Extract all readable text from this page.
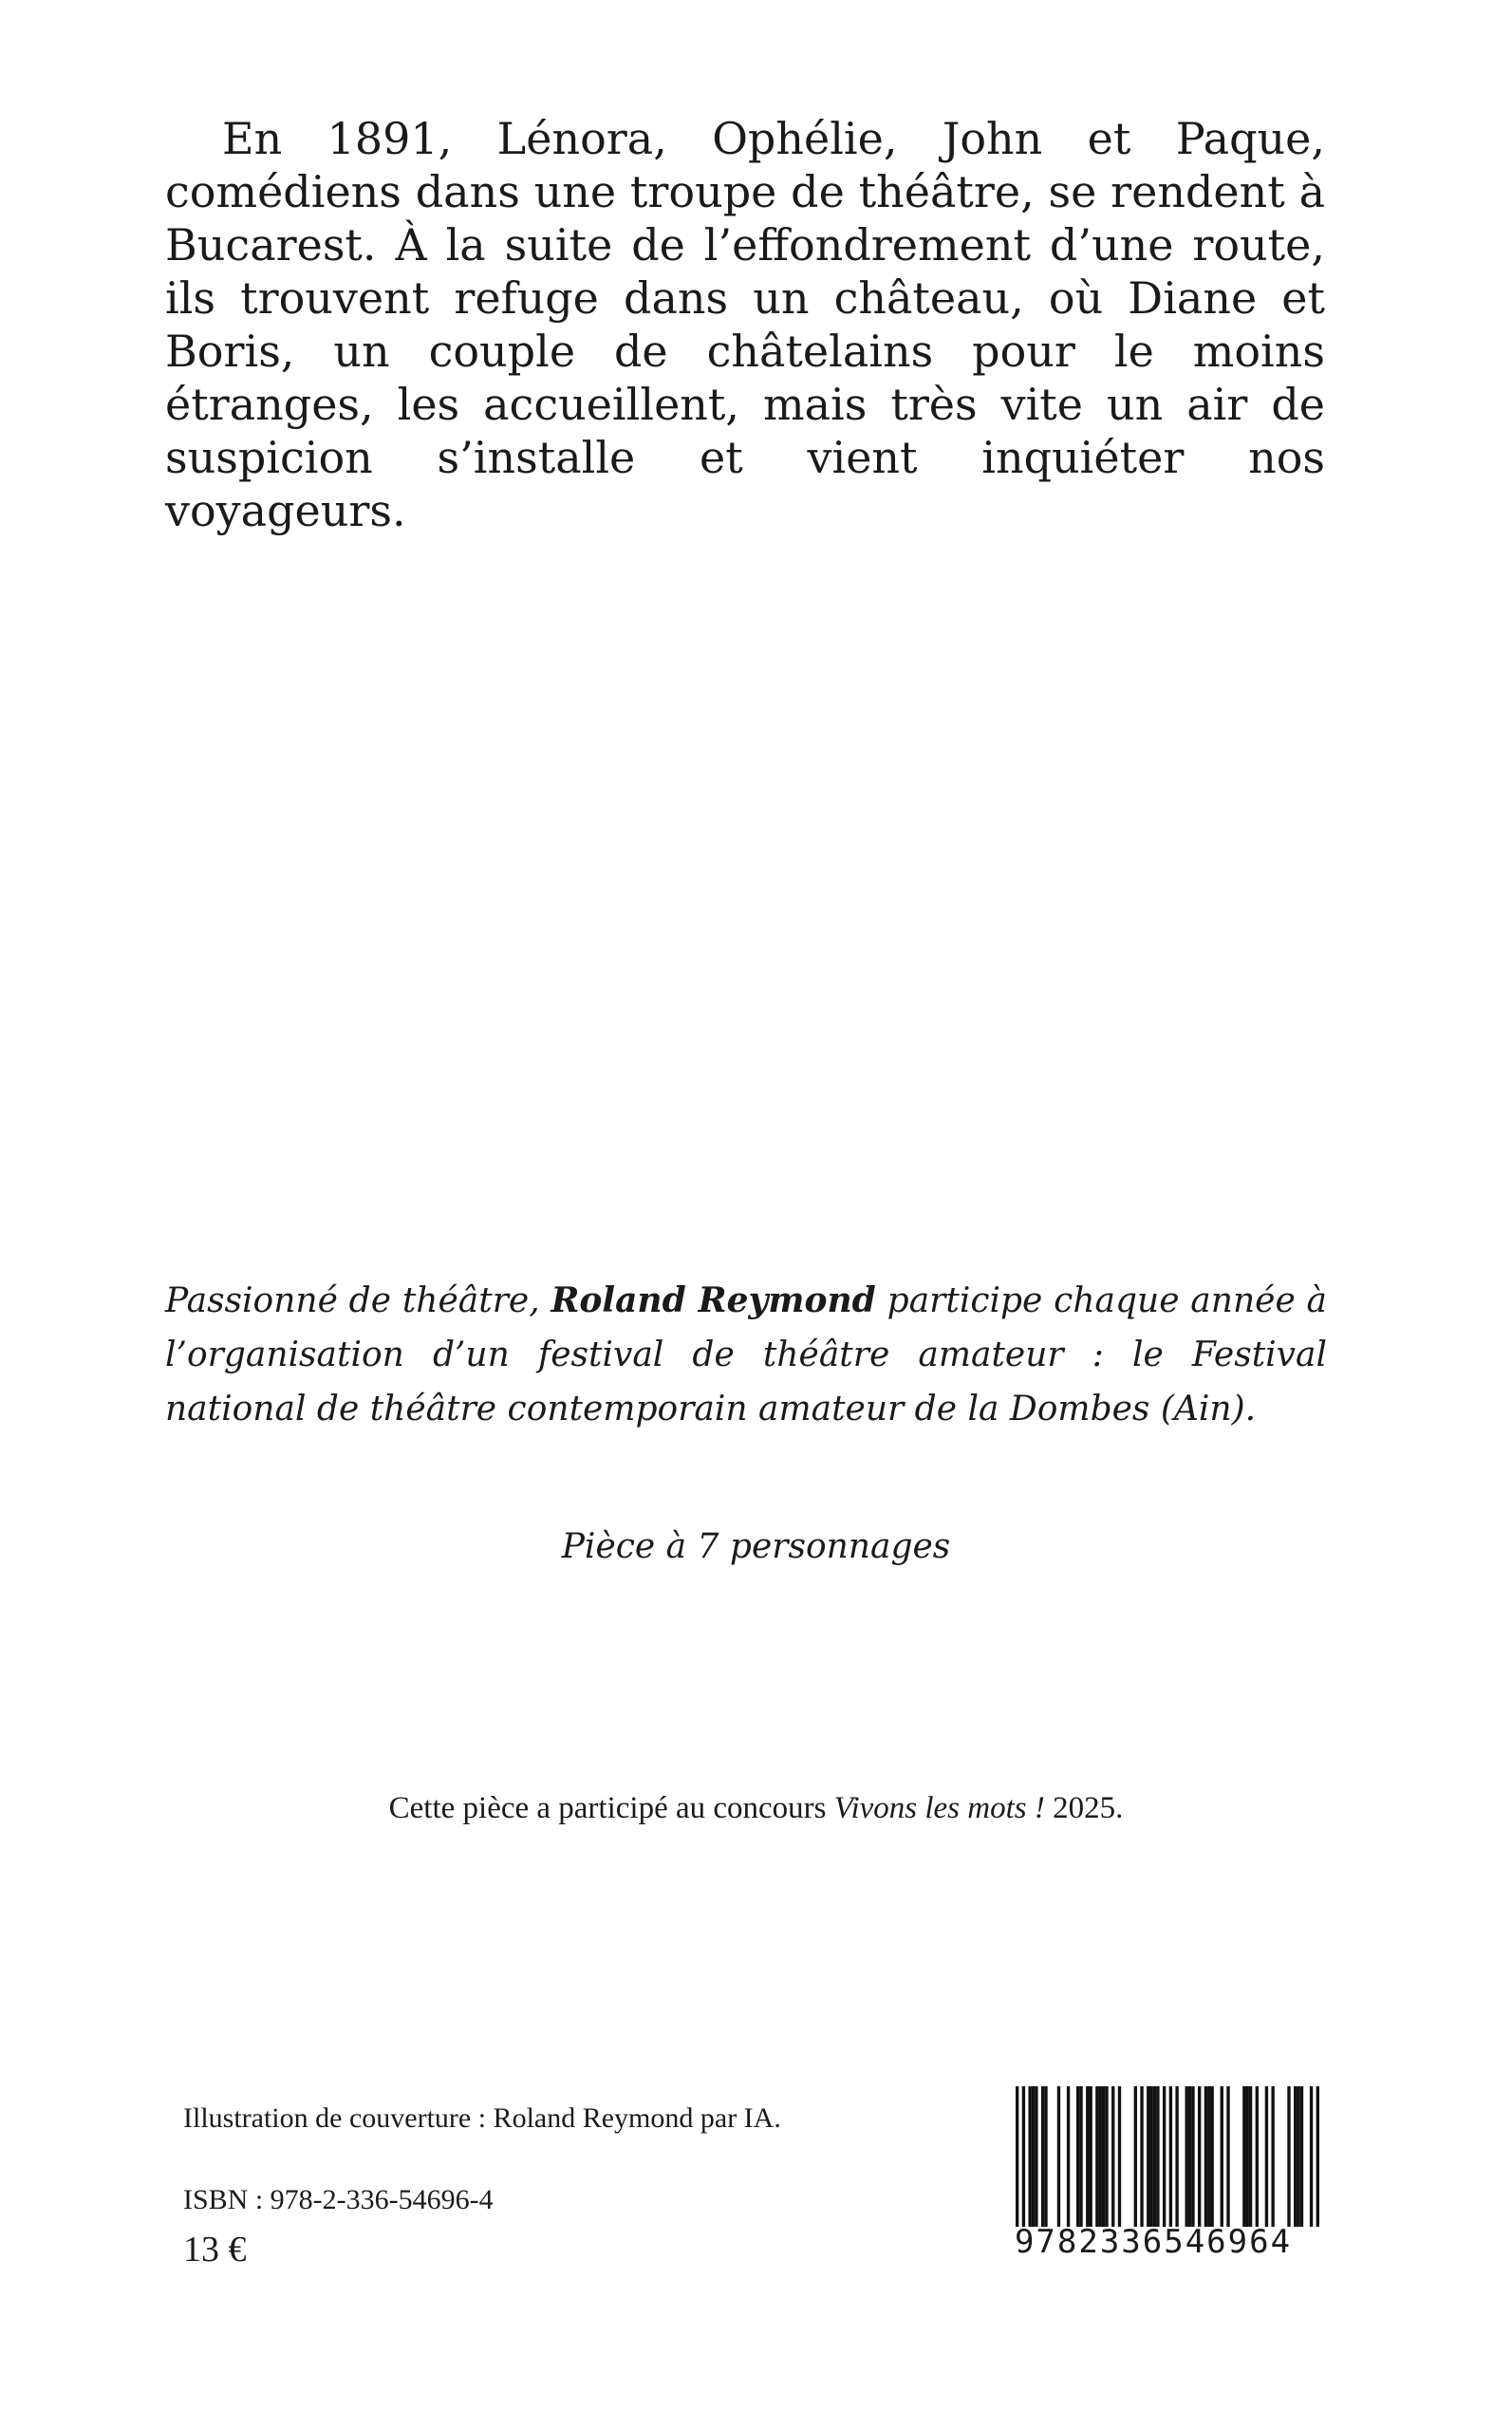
En 1891, Lénora, Ophélie, John et Paque, comédiens dans une troupe de théâtre, se rendent à Bucarest. À la suite de l’effondrement d’une route, ils trouvent refuge dans un château, où Diane et Boris, un couple de châtelains pour le moins étranges, les accueillent, mais très vite un air de suspicion s’installe et vient inquiéter nos voyageurs.

Passionné de théâtre, Roland Reymond participe chaque année à l’organisation d’un festival de théâtre amateur : le Festival national de théâtre contemporain amateur de la Dombes (Ain).

Pièce à 7 personnages

Cette pièce a participé au concours Vivons les mots ! 2025.

Illustration de couverture : Roland Reymond par IA.

ISBN : 978-2-336-54696-4

13 €	9782336546964
